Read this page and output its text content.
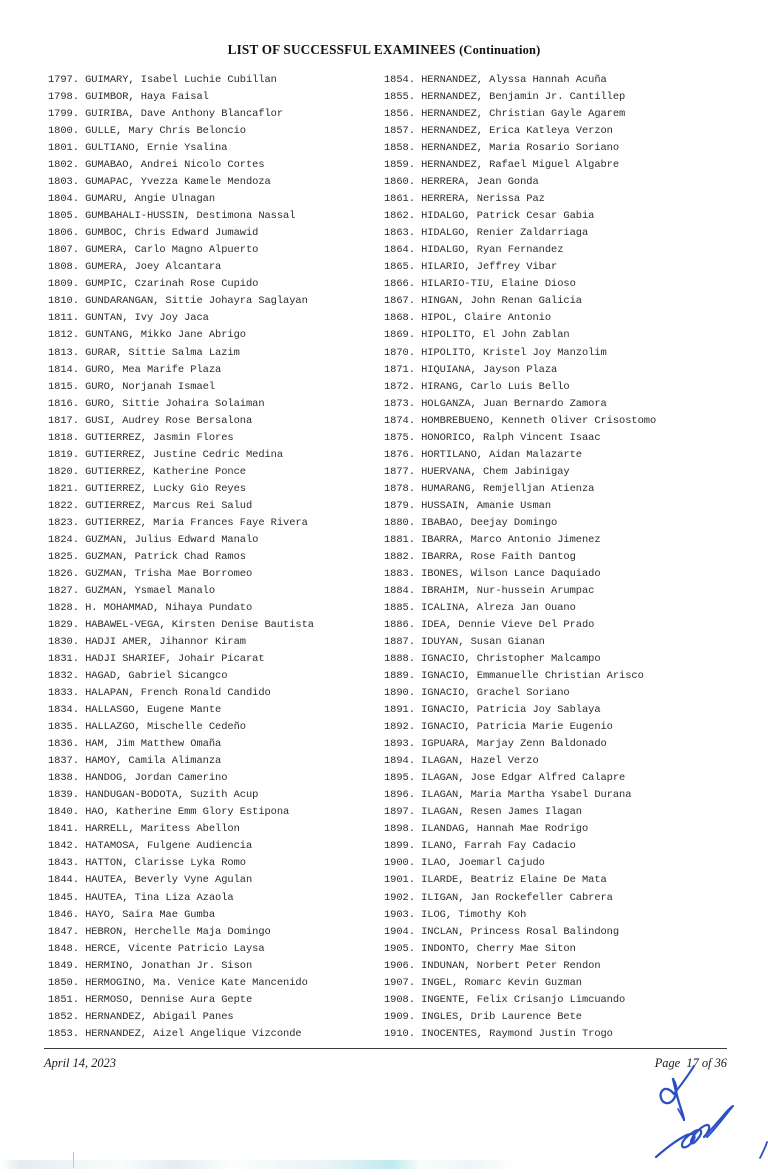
LIST OF SUCCESSFUL EXAMINEES (Continuation)
1797. GUIMARY, Isabel Luchie Cubillan
1798. GUIMBOR, Haya Faisal
1799. GUIRIBA, Dave Anthony Blancaflor
1800. GULLE, Mary Chris Beloncio
1801. GULTIANO, Ernie Ysalina
1802. GUMABAO, Andrei Nicolo Cortes
1803. GUMAPAC, Yvezza Kamele Mendoza
1804. GUMARU, Angie Ulnagan
1805. GUMBAHALI-HUSSIN, Destimona Nassal
1806. GUMBOC, Chris Edward Jumawid
1807. GUMERA, Carlo Magno Alpuerto
1808. GUMERA, Joey Alcantara
1809. GUMPIC, Czarinah Rose Cupido
1810. GUNDARANGAN, Sittie Johayra Saglayan
1811. GUNTAN, Ivy Joy Jaca
1812. GUNTANG, Mikko Jane Abrigo
1813. GURAR, Sittie Salma Lazim
1814. GURO, Mea Marife Plaza
1815. GURO, Norjanah Ismael
1816. GURO, Sittie Johaira Solaiman
1817. GUSI, Audrey Rose Bersalona
1818. GUTIERREZ, Jasmin Flores
1819. GUTIERREZ, Justine Cedric Medina
1820. GUTIERREZ, Katherine Ponce
1821. GUTIERREZ, Lucky Gio Reyes
1822. GUTIERREZ, Marcus Rei Salud
1823. GUTIERREZ, Maria Frances Faye Rivera
1824. GUZMAN, Julius Edward Manalo
1825. GUZMAN, Patrick Chad Ramos
1826. GUZMAN, Trisha Mae Borromeo
1827. GUZMAN, Ysmael Manalo
1828. H. MOHAMMAD, Nihaya Pundato
1829. HABAWEL-VEGA, Kirsten Denise Bautista
1830. HADJI AMER, Jihannor Kiram
1831. HADJI SHARIEF, Johair Picarat
1832. HAGAD, Gabriel Sicangco
1833. HALAPAN, French Ronald Candido
1834. HALLASGO, Eugene Mante
1835. HALLAZGO, Mischelle Cedeño
1836. HAM, Jim Matthew Omaña
1837. HAMOY, Camila Alimanza
1838. HANDOG, Jordan Camerino
1839. HANDUGAN-BODOTA, Suzith Acup
1840. HAO, Katherine Emm Glory Estipona
1841. HARRELL, Maritess Abellon
1842. HATAMOSA, Fulgene Audiencia
1843. HATTON, Clarisse Lyka Romo
1844. HAUTEA, Beverly Vyne Agulan
1845. HAUTEA, Tina Liza Azaola
1846. HAYO, Saira Mae Gumba
1847. HEBRON, Herchelle Maja Domingo
1848. HERCE, Vicente Patricio Laysa
1849. HERMINO, Jonathan Jr. Sison
1850. HERMOGINO, Ma. Venice Kate Mancenido
1851. HERMOSO, Dennise Aura Gepte
1852. HERNANDEZ, Abigail Panes
1853. HERNANDEZ, Aizel Angelique Vizconde
1854. HERNANDEZ, Alyssa Hannah Acuña
1855. HERNANDEZ, Benjamin Jr. Cantillep
1856. HERNANDEZ, Christian Gayle Agarem
1857. HERNANDEZ, Erica Katleya Verzon
1858. HERNANDEZ, Maria Rosario Soriano
1859. HERNANDEZ, Rafael Miguel Algabre
1860. HERRERA, Jean Gonda
1861. HERRERA, Nerissa Paz
1862. HIDALGO, Patrick Cesar Gabia
1863. HIDALGO, Renier Zaldarriaga
1864. HIDALGO, Ryan Fernandez
1865. HILARIO, Jeffrey Vibar
1866. HILARIO-TIU, Elaine Dioso
1867. HINGAN, John Renan Galicia
1868. HIPOL, Claire Antonio
1869. HIPOLITO, El John Zablan
1870. HIPOLITO, Kristel Joy Manzolim
1871. HIQUIANA, Jayson Plaza
1872. HIRANG, Carlo Luis Bello
1873. HOLGANZA, Juan Bernardo Zamora
1874. HOMBREBUENO, Kenneth Oliver Crisostomo
1875. HONORICO, Ralph Vincent Isaac
1876. HORTILANO, Aidan Malazarte
1877. HUERVANA, Chem Jabinigay
1878. HUMARANG, Remjelljan Atienza
1879. HUSSAIN, Amanie Usman
1880. IBABAO, Deejay Domingo
1881. IBARRA, Marco Antonio Jimenez
1882. IBARRA, Rose Faith Dantog
1883. IBONES, Wilson Lance Daquiado
1884. IBRAHIM, Nur-hussein Arumpac
1885. ICALINA, Alreza Jan Ouano
1886. IDEA, Dennie Vieve Del Prado
1887. IDUYAN, Susan Gianan
1888. IGNACIO, Christopher Malcampo
1889. IGNACIO, Emmanuelle Christian Arisco
1890. IGNACIO, Grachel Soriano
1891. IGNACIO, Patricia Joy Sablaya
1892. IGNACIO, Patricia Marie Eugenio
1893. IGPUARA, Marjay Zenn Baldonado
1894. ILAGAN, Hazel Verzo
1895. ILAGAN, Jose Edgar Alfred Calapre
1896. ILAGAN, Maria Martha Ysabel Durana
1897. ILAGAN, Resen James Ilagan
1898. ILANDAG, Hannah Mae Rodrigo
1899. ILANO, Farrah Fay Cadacio
1900. ILAO, Joemarl Cajudo
1901. ILARDE, Beatriz Elaine De Mata
1902. ILIGAN, Jan Rockefeller Cabrera
1903. ILOG, Timothy Koh
1904. INCLAN, Princess Rosal Balindong
1905. INDONTO, Cherry Mae Siton
1906. INDUNAN, Norbert Peter Rendon
1907. INGEL, Romarc Kevin Guzman
1908. INGENTE, Felix Crisanjo Limcuando
1909. INGLES, Drib Laurence Bete
1910. INOCENTES, Raymond Justin Trogo
April 14, 2023	Page  17 of 36
